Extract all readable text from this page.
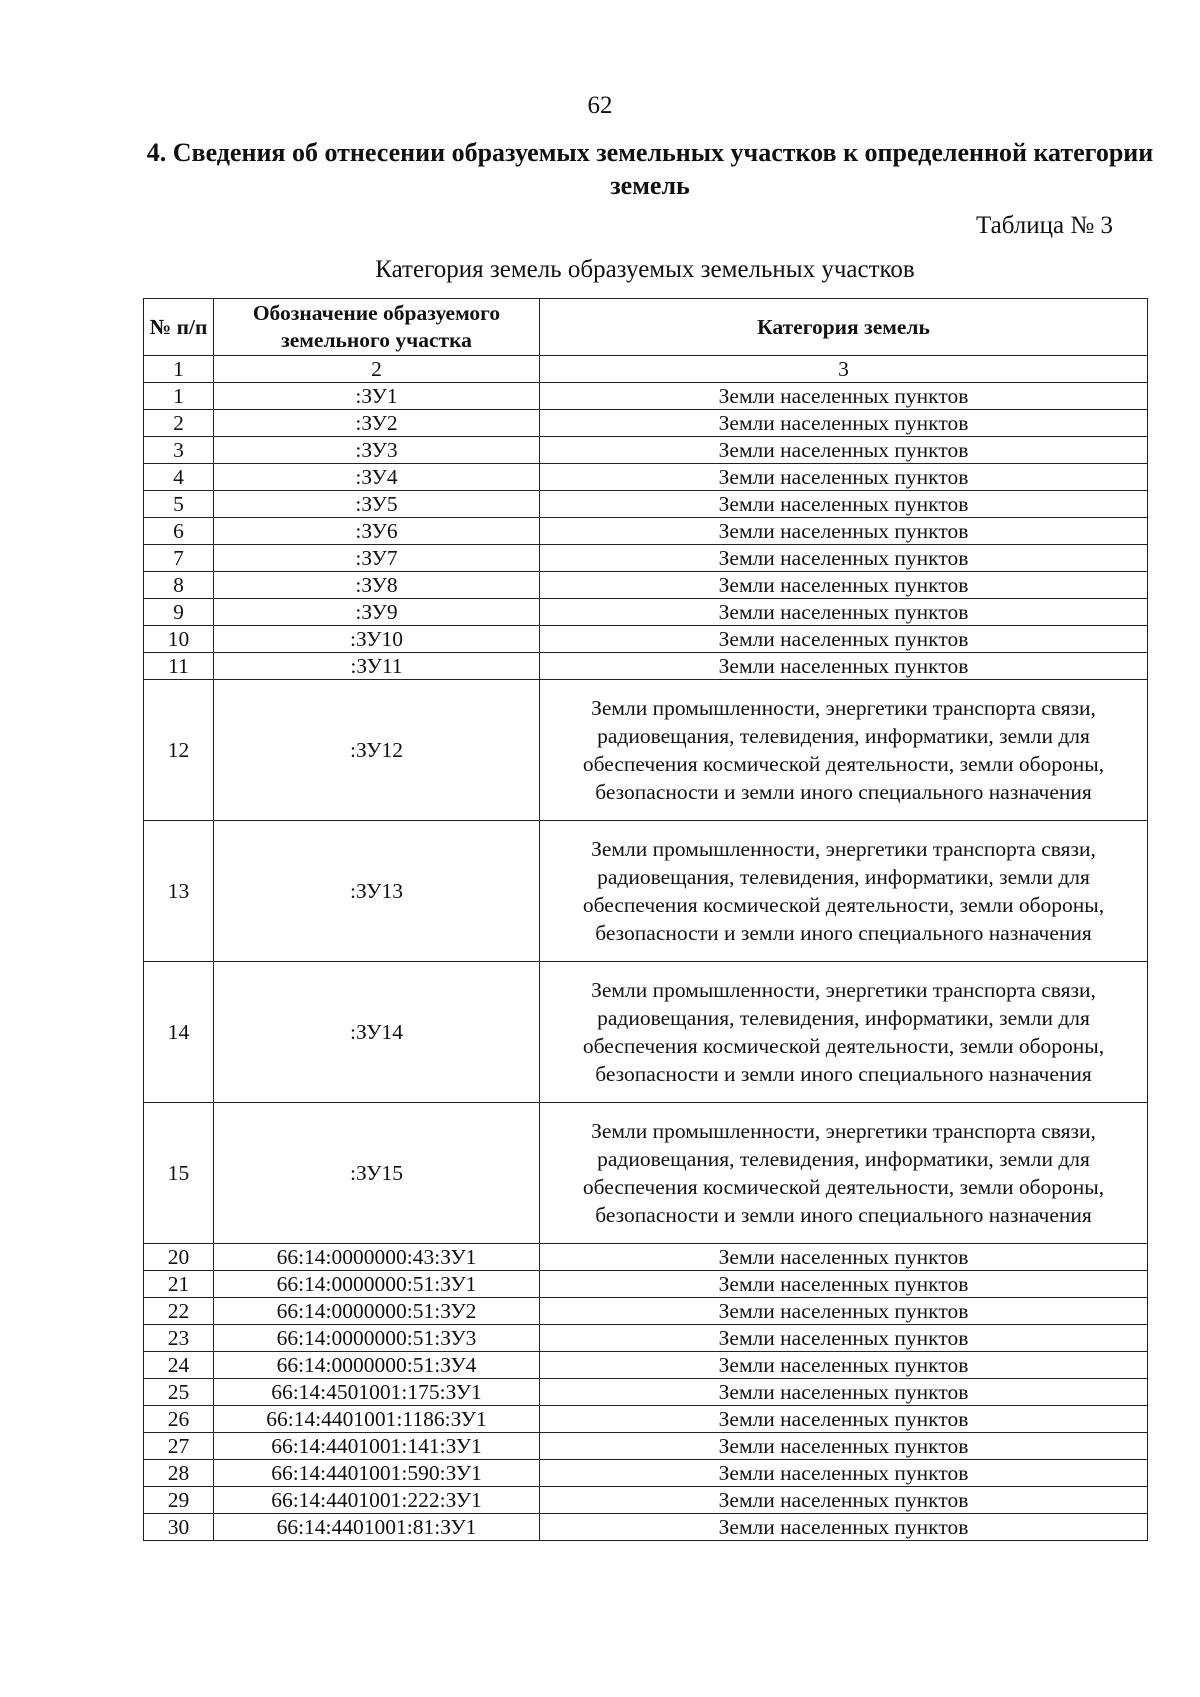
62
4. Сведения об отнесении образуемых земельных участков к определенной категории земель
Таблица № 3
Категория земель образуемых земельных участков
№ п/п	Обозначение образуемого земельного участка	Категория земель
1	2	3
1	:ЗУ1	Земли населенных пунктов
2	:ЗУ2	Земли населенных пунктов
3	:ЗУ3	Земли населенных пунктов
4	:ЗУ4	Земли населенных пунктов
5	:ЗУ5	Земли населенных пунктов
6	:ЗУ6	Земли населенных пунктов
7	:ЗУ7	Земли населенных пунктов
8	:ЗУ8	Земли населенных пунктов
9	:ЗУ9	Земли населенных пунктов
10	:ЗУ10	Земли населенных пунктов
11	:ЗУ11	Земли населенных пунктов
12	:ЗУ12	Земли промышленности, энергетики транспорта связи, радиовещания, телевидения, информатики, земли для обеспечения космической деятельности, земли обороны, безопасности и земли иного специального назначения
13	:ЗУ13	Земли промышленности, энергетики транспорта связи, радиовещания, телевидения, информатики, земли для обеспечения космической деятельности, земли обороны, безопасности и земли иного специального назначения
14	:ЗУ14	Земли промышленности, энергетики транспорта связи, радиовещания, телевидения, информатики, земли для обеспечения космической деятельности, земли обороны, безопасности и земли иного специального назначения
15	:ЗУ15	Земли промышленности, энергетики транспорта связи, радиовещания, телевидения, информатики, земли для обеспечения космической деятельности, земли обороны, безопасности и земли иного специального назначения
20	66:14:0000000:43:ЗУ1	Земли населенных пунктов
21	66:14:0000000:51:ЗУ1	Земли населенных пунктов
22	66:14:0000000:51:ЗУ2	Земли населенных пунктов
23	66:14:0000000:51:ЗУ3	Земли населенных пунктов
24	66:14:0000000:51:ЗУ4	Земли населенных пунктов
25	66:14:4501001:175:ЗУ1	Земли населенных пунктов
26	66:14:4401001:1186:ЗУ1	Земли населенных пунктов
27	66:14:4401001:141:ЗУ1	Земли населенных пунктов
28	66:14:4401001:590:ЗУ1	Земли населенных пунктов
29	66:14:4401001:222:ЗУ1	Земли населенных пунктов
30	66:14:4401001:81:ЗУ1	Земли населенных пунктов
